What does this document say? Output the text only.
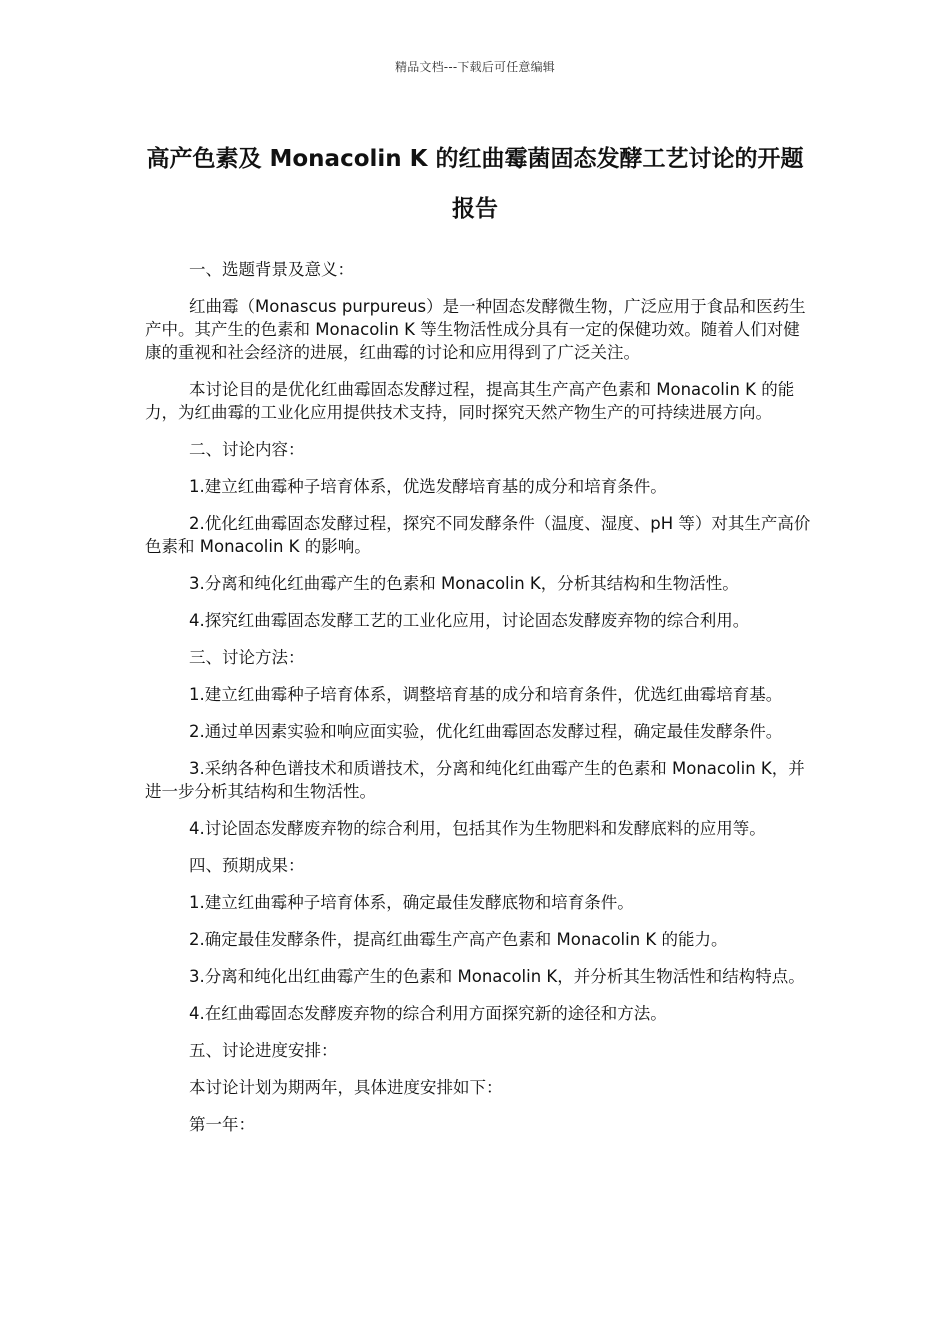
精品文档---下载后可任意编辑
高产色素及 Monacolin K 的红曲霉菌固态发酵工艺讨论的开题报告

一、选题背景及意义：

红曲霉（Monascus purpureus）是一种固态发酵微生物，广泛应用于食品和医药生产中。其产生的色素和 Monacolin K 等生物活性成分具有一定的保健功效。随着人们对健康的重视和社会经济的进展，红曲霉的讨论和应用得到了广泛关注。

本讨论目的是优化红曲霉固态发酵过程，提高其生产高产色素和 Monacolin K 的能力，为红曲霉的工业化应用提供技术支持，同时探究天然产物生产的可持续进展方向。

二、讨论内容：

1.建立红曲霉种子培育体系，优选发酵培育基的成分和培育条件。

2.优化红曲霉固态发酵过程，探究不同发酵条件（温度、湿度、pH 等）对其生产高价色素和 Monacolin K 的影响。

3.分离和纯化红曲霉产生的色素和 Monacolin K，分析其结构和生物活性。

4.探究红曲霉固态发酵工艺的工业化应用，讨论固态发酵废弃物的综合利用。

三、讨论方法：

1.建立红曲霉种子培育体系，调整培育基的成分和培育条件，优选红曲霉培育基。

2.通过单因素实验和响应面实验，优化红曲霉固态发酵过程，确定最佳发酵条件。

3.采纳各种色谱技术和质谱技术，分离和纯化红曲霉产生的色素和 Monacolin K，并进一步分析其结构和生物活性。

4.讨论固态发酵废弃物的综合利用，包括其作为生物肥料和发酵底料的应用等。

四、预期成果：

1.建立红曲霉种子培育体系，确定最佳发酵底物和培育条件。

2.确定最佳发酵条件，提高红曲霉生产高产色素和 Monacolin K 的能力。

3.分离和纯化出红曲霉产生的色素和 Monacolin K，并分析其生物活性和结构特点。

4.在红曲霉固态发酵废弃物的综合利用方面探究新的途径和方法。

五、讨论进度安排：

本讨论计划为期两年，具体进度安排如下：

第一年：
